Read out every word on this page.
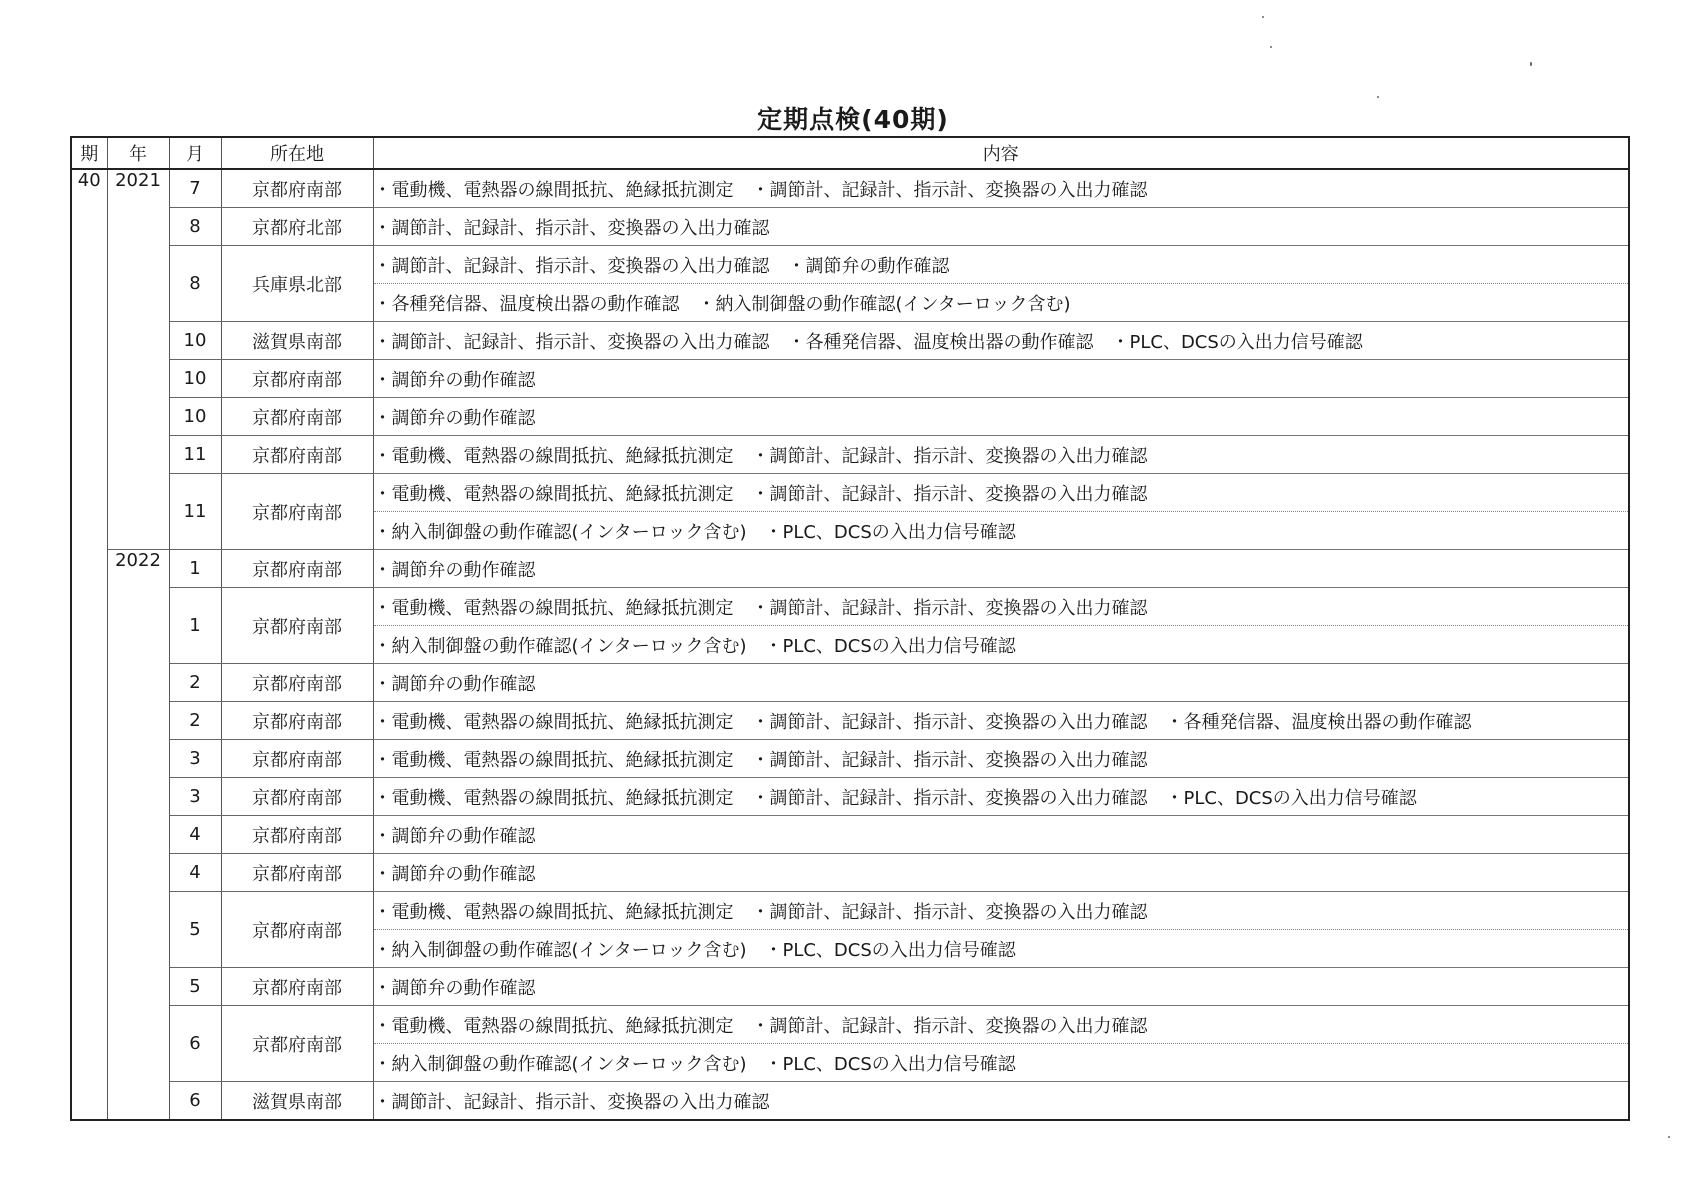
定期点検(40期)
期	年	月	所在地	内容
40	2021	7	京都府南部	・電動機、電熱器の線間抵抗、絶縁抵抗測定　・調節計、記録計、指示計、変換器の入出力確認
		8	京都府北部	・調節計、記録計、指示計、変換器の入出力確認
		8	兵庫県北部	・調節計、記録計、指示計、変換器の入出力確認　・調節弁の動作確認
				・各種発信器、温度検出器の動作確認　・納入制御盤の動作確認(インターロック含む)
		10	滋賀県南部	・調節計、記録計、指示計、変換器の入出力確認　・各種発信器、温度検出器の動作確認　・PLC、DCSの入出力信号確認
		10	京都府南部	・調節弁の動作確認
		10	京都府南部	・調節弁の動作確認
		11	京都府南部	・電動機、電熱器の線間抵抗、絶縁抵抗測定　・調節計、記録計、指示計、変換器の入出力確認
		11	京都府南部	・電動機、電熱器の線間抵抗、絶縁抵抗測定　・調節計、記録計、指示計、変換器の入出力確認
				・納入制御盤の動作確認(インターロック含む)　・PLC、DCSの入出力信号確認
	2022	1	京都府南部	・調節弁の動作確認
		1	京都府南部	・電動機、電熱器の線間抵抗、絶縁抵抗測定　・調節計、記録計、指示計、変換器の入出力確認
				・納入制御盤の動作確認(インターロック含む)　・PLC、DCSの入出力信号確認
		2	京都府南部	・調節弁の動作確認
		2	京都府南部	・電動機、電熱器の線間抵抗、絶縁抵抗測定　・調節計、記録計、指示計、変換器の入出力確認　・各種発信器、温度検出器の動作確認
		3	京都府南部	・電動機、電熱器の線間抵抗、絶縁抵抗測定　・調節計、記録計、指示計、変換器の入出力確認
		3	京都府南部	・電動機、電熱器の線間抵抗、絶縁抵抗測定　・調節計、記録計、指示計、変換器の入出力確認　・PLC、DCSの入出力信号確認
		4	京都府南部	・調節弁の動作確認
		4	京都府南部	・調節弁の動作確認
		5	京都府南部	・電動機、電熱器の線間抵抗、絶縁抵抗測定　・調節計、記録計、指示計、変換器の入出力確認
				・納入制御盤の動作確認(インターロック含む)　・PLC、DCSの入出力信号確認
		5	京都府南部	・調節弁の動作確認
		6	京都府南部	・電動機、電熱器の線間抵抗、絶縁抵抗測定　・調節計、記録計、指示計、変換器の入出力確認
				・納入制御盤の動作確認(インターロック含む)　・PLC、DCSの入出力信号確認
		6	滋賀県南部	・調節計、記録計、指示計、変換器の入出力確認
